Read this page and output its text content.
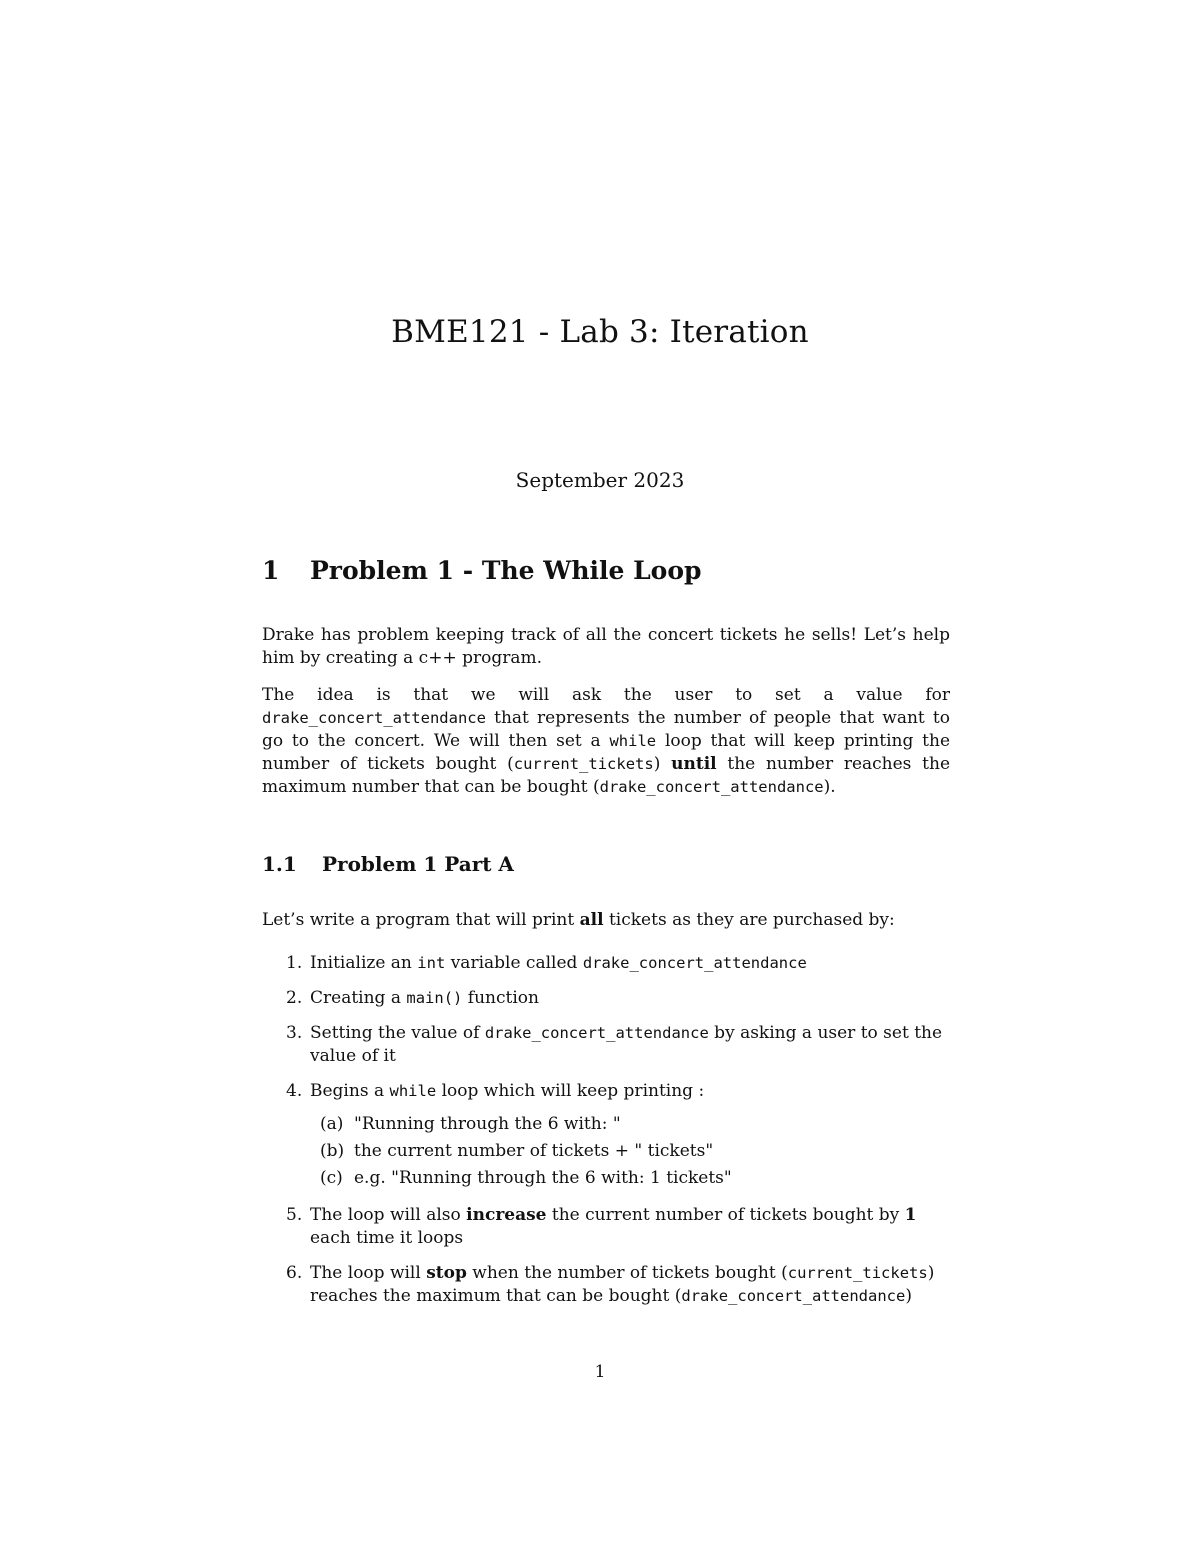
BME121 - Lab 3: Iteration
September 2023
1 Problem 1 - The While Loop

Drake has problem keeping track of all the concert tickets he sells! Let’s help him by creating a c++ program.

The idea is that we will ask the user to set a value for drake_concert_attendance that represents the number of people that want to go to the concert. We will then set a while loop that will keep printing the number of tickets bought (current_tickets) until the number reaches the maximum number that can be bought (drake_concert_attendance).

1.1 Problem 1 Part A

Let’s write a program that will print all tickets as they are purchased by:

1. Initialize an int variable called drake_concert_attendance
2. Creating a main() function
3. Setting the value of drake_concert_attendance by asking a user to set the value of it
4. Begins a while loop which will keep printing :
(a) "Running through the 6 with: "
(b) the current number of tickets + " tickets"
(c) e.g. "Running through the 6 with: 1 tickets"
5. The loop will also increase the current number of tickets bought by 1 each time it loops
6. The loop will stop when the number of tickets bought (current_tickets) reaches the maximum that can be bought (drake_concert_attendance)
1
